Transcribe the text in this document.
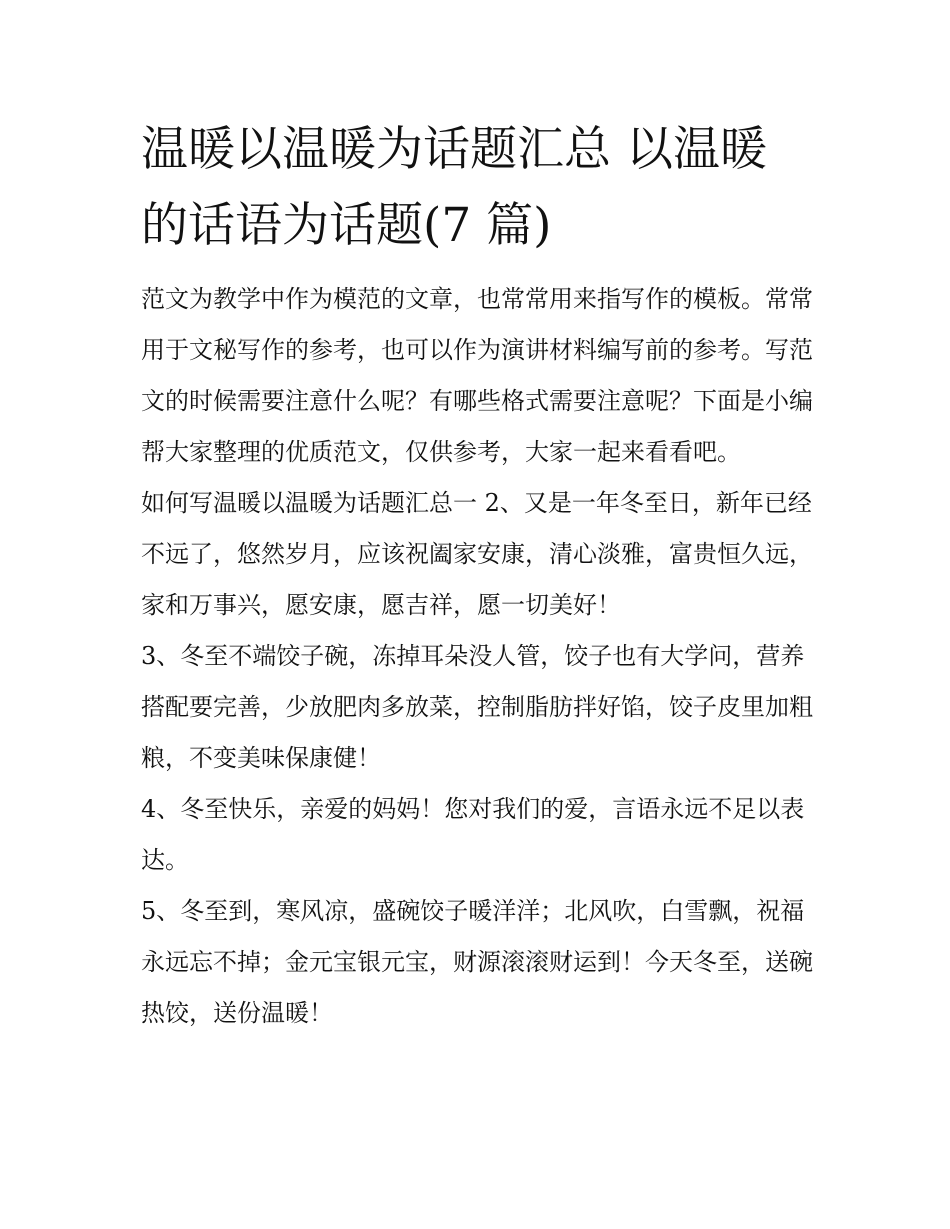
温暖以温暖为话题汇总 以温暖
的话语为话题(7 篇)

范文为教学中作为模范的文章，也常常用来指写作的模板。常常用于文秘写作的参考，也可以作为演讲材料编写前的参考。写范文的时候需要注意什么呢？有哪些格式需要注意呢？下面是小编帮大家整理的优质范文，仅供参考，大家一起来看看吧。

如何写温暖以温暖为话题汇总一 2、又是一年冬至日，新年已经不远了，悠然岁月，应该祝阖家安康，清心淡雅，富贵恒久远，家和万事兴，愿安康，愿吉祥，愿一切美好！

3、冬至不端饺子碗，冻掉耳朵没人管，饺子也有大学问，营养搭配要完善，少放肥肉多放菜，控制脂肪拌好馅，饺子皮里加粗粮，不变美味保康健！

4、冬至快乐，亲爱的妈妈！您对我们的爱，言语永远不足以表达。

5、冬至到，寒风凉，盛碗饺子暖洋洋；北风吹，白雪飘，祝福永远忘不掉；金元宝银元宝，财源滚滚财运到！今天冬至，送碗热饺，送份温暖！
